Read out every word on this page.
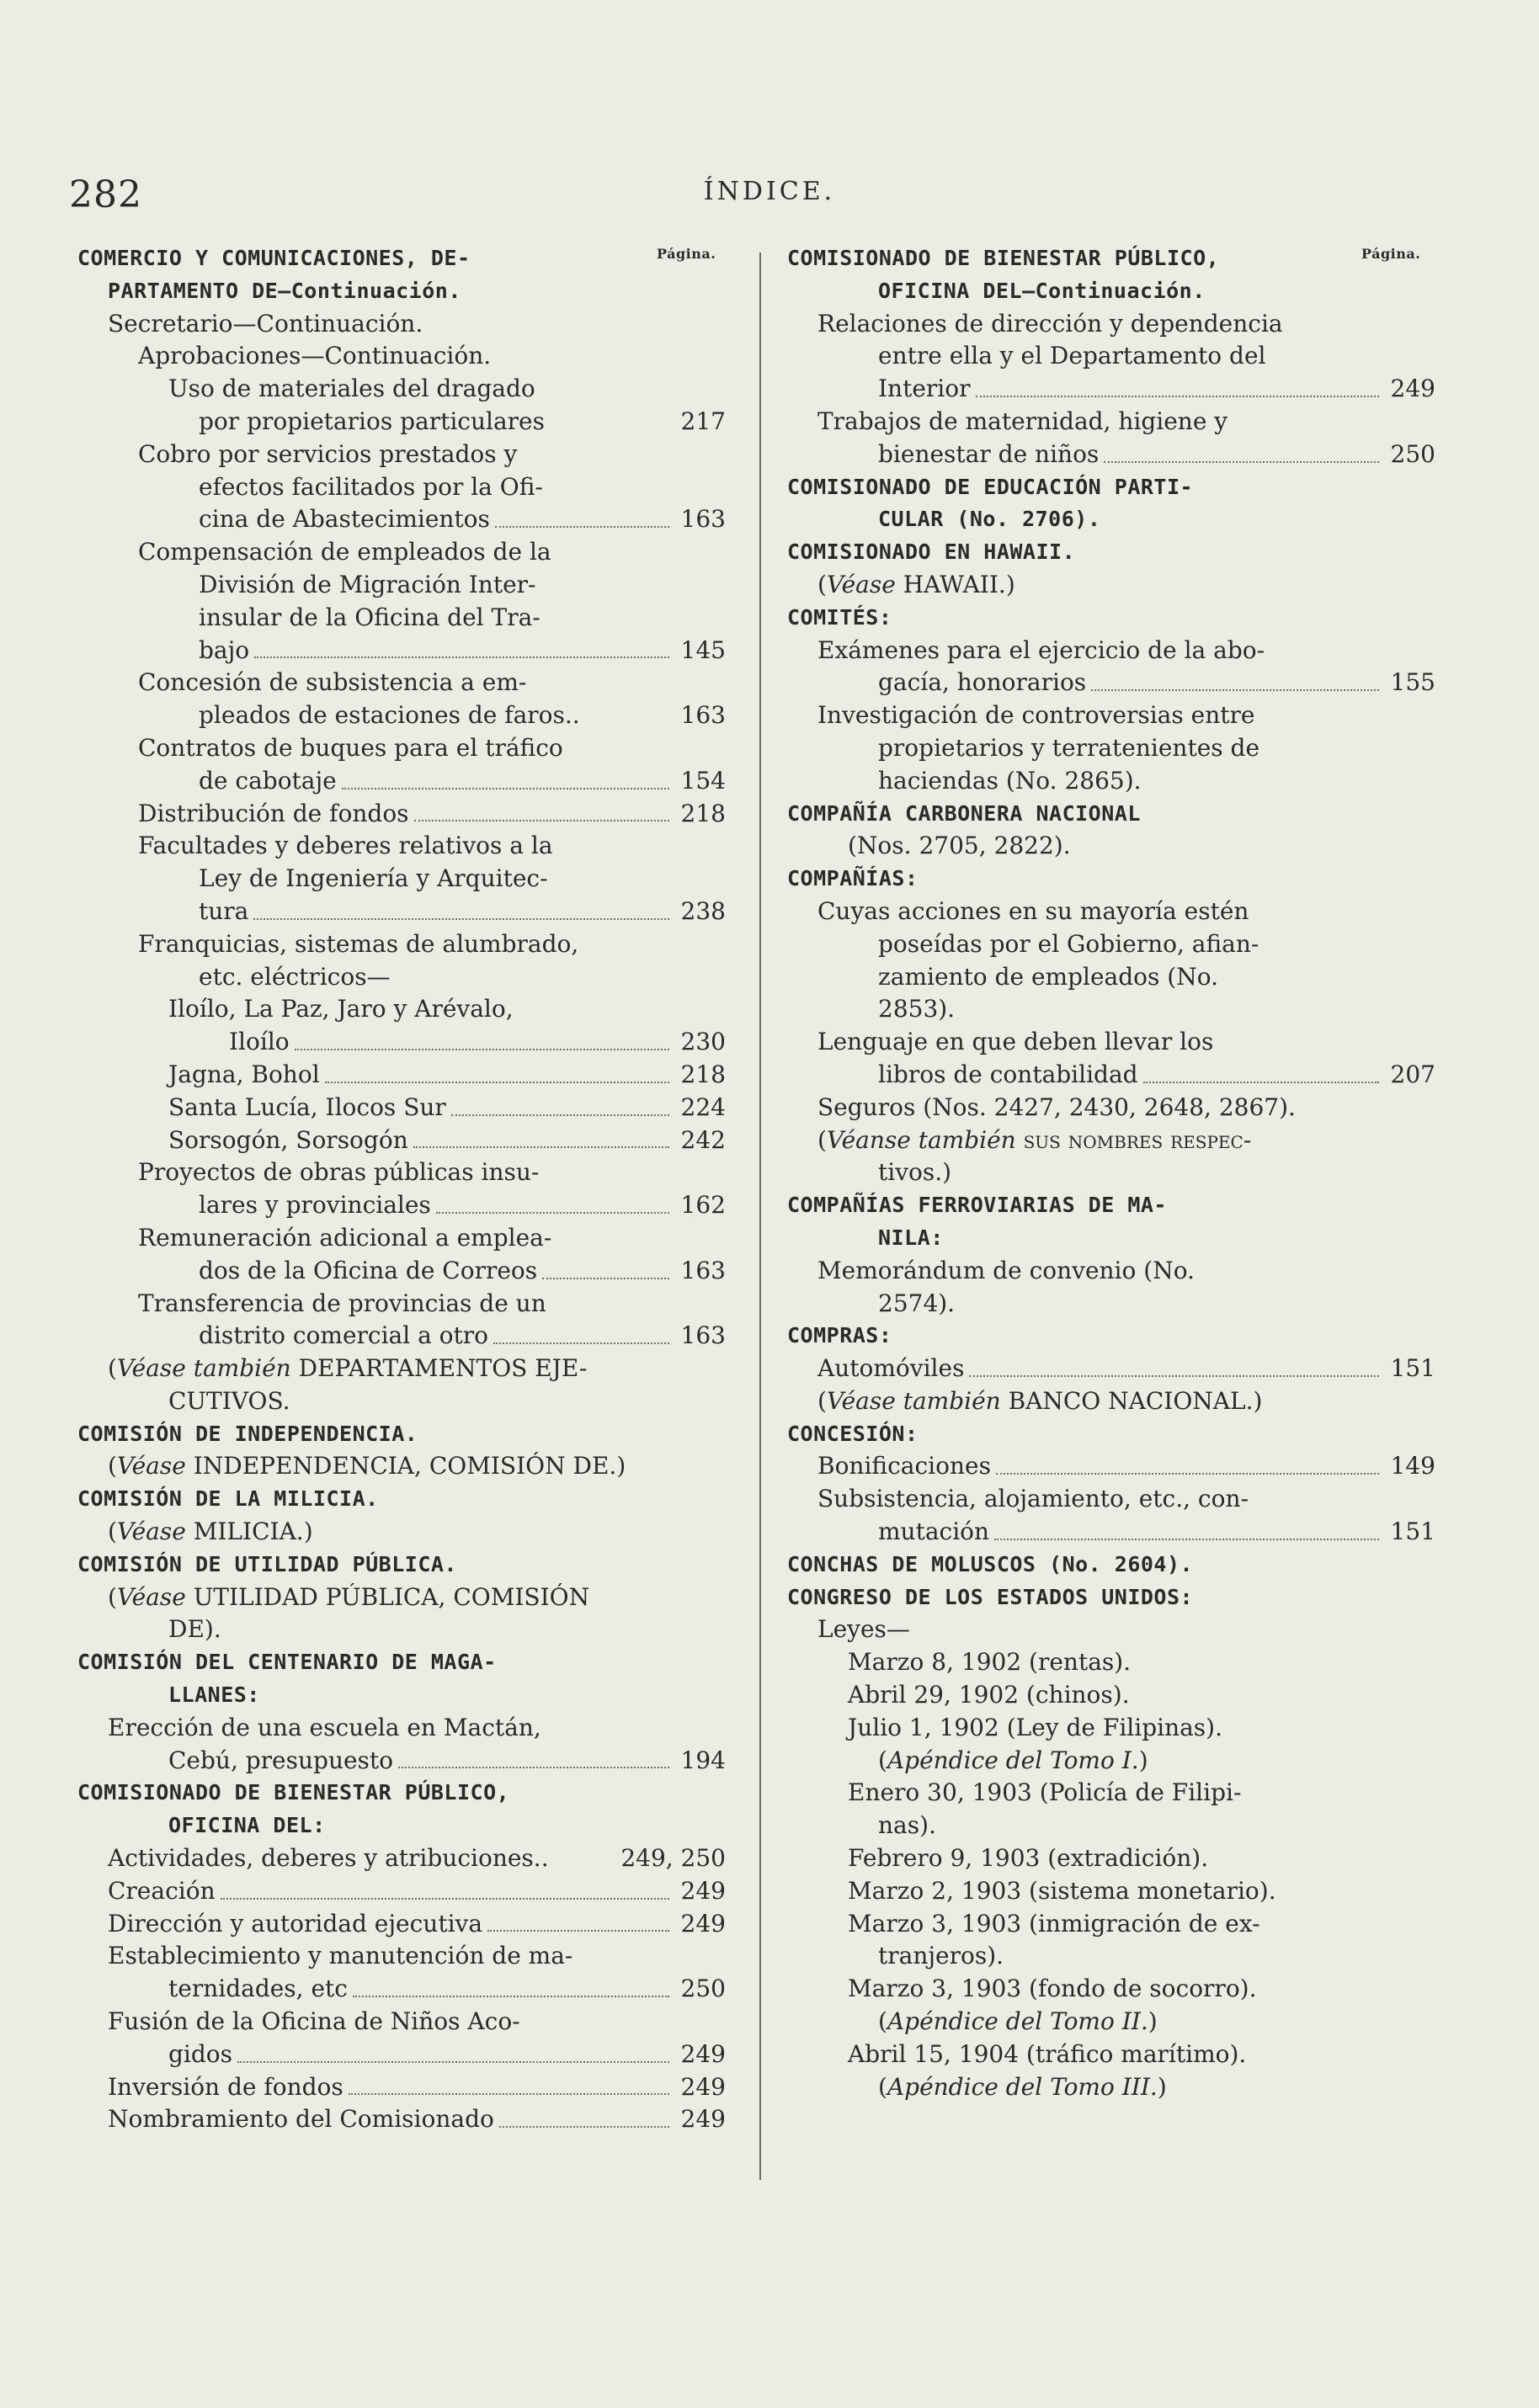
282	ÍNDICE.
Página.	Página.
COMERCIO Y COMUNICACIONES, DE-
PARTAMENTO DE—Continuación.
Secretario—Continuación.
Aprobaciones—Continuación.
Uso de materiales del dragado
por propietarios particulares	217
Cobro por servicios prestados y
efectos facilitados por la Ofi-
cina de Abastecimientos	163
Compensación de empleados de la
División de Migración Inter-
insular de la Oficina del Tra-
bajo	145
Concesión de subsistencia a em-
pleados de estaciones de faros..	163
Contratos de buques para el tráfico
de cabotaje	154
Distribución de fondos	218
Facultades y deberes relativos a la
Ley de Ingeniería y Arquitec-
tura	238
Franquicias, sistemas de alumbrado,
etc. eléctricos—
Iloílo, La Paz, Jaro y Arévalo,
Iloílo	230
Jagna, Bohol	218
Santa Lucía, Ilocos Sur	224
Sorsogón, Sorsogón	242
Proyectos de obras públicas insu-
lares y provinciales	162
Remuneración adicional a emplea-
dos de la Oficina de Correos	163
Transferencia de provincias de un
distrito comercial a otro	163
(Véase también DEPARTAMENTOS EJE-
CUTIVOS.
COMISIÓN DE INDEPENDENCIA.
(Véase INDEPENDENCIA, COMISIÓN DE.)
COMISIÓN DE LA MILICIA.
(Véase MILICIA.)
COMISIÓN DE UTILIDAD PÚBLICA.
(Véase UTILIDAD PÚBLICA, COMISIÓN
DE).
COMISIÓN DEL CENTENARIO DE MAGA-
LLANES:
Erección de una escuela en Mactán,
Cebú, presupuesto	194
COMISIONADO DE BIENESTAR PÚBLICO,
OFICINA DEL:
Actividades, deberes y atribuciones..	249, 250
Creación	249
Dirección y autoridad ejecutiva	249
Establecimiento y manutención de ma-
ternidades, etc	250
Fusión de la Oficina de Niños Aco-
gidos	249
Inversión de fondos	249
Nombramiento del Comisionado	249
COMISIONADO DE BIENESTAR PÚBLICO,
OFICINA DEL—Continuación.
Relaciones de dirección y dependencia
entre ella y el Departamento del
Interior	249
Trabajos de maternidad, higiene y
bienestar de niños	250
COMISIONADO DE EDUCACIÓN PARTI-
CULAR (No. 2706).
COMISIONADO EN HAWAII.
(Véase HAWAII.)
COMITÉS:
Exámenes para el ejercicio de la abo-
gacía, honorarios	155
Investigación de controversias entre
propietarios y terratenientes de
haciendas (No. 2865).
COMPAÑÍA CARBONERA NACIONAL
(Nos. 2705, 2822).
COMPAÑÍAS:
Cuyas acciones en su mayoría estén
poseídas por el Gobierno, afian-
zamiento de empleados (No.
2853).
Lenguaje en que deben llevar los
libros de contabilidad	207
Seguros (Nos. 2427, 2430, 2648, 2867).
(Véanse también sus nombres respec-
tivos.)
COMPAÑÍAS FERROVIARIAS DE MA-
NILA:
Memorándum de convenio (No.
2574).
COMPRAS:
Automóviles	151
(Véase también BANCO NACIONAL.)
CONCESIÓN:
Bonificaciones	149
Subsistencia, alojamiento, etc., con-
mutación	151
CONCHAS DE MOLUSCOS (No. 2604).
CONGRESO DE LOS ESTADOS UNIDOS:
Leyes—
Marzo 8, 1902 (rentas).
Abril 29, 1902 (chinos).
Julio 1, 1902 (Ley de Filipinas).
(Apéndice del Tomo I.)
Enero 30, 1903 (Policía de Filipi-
nas).
Febrero 9, 1903 (extradición).
Marzo 2, 1903 (sistema monetario).
Marzo 3, 1903 (inmigración de ex-
tranjeros).
Marzo 3, 1903 (fondo de socorro).
(Apéndice del Tomo II.)
Abril 15, 1904 (tráfico marítimo).
(Apéndice del Tomo III.)
